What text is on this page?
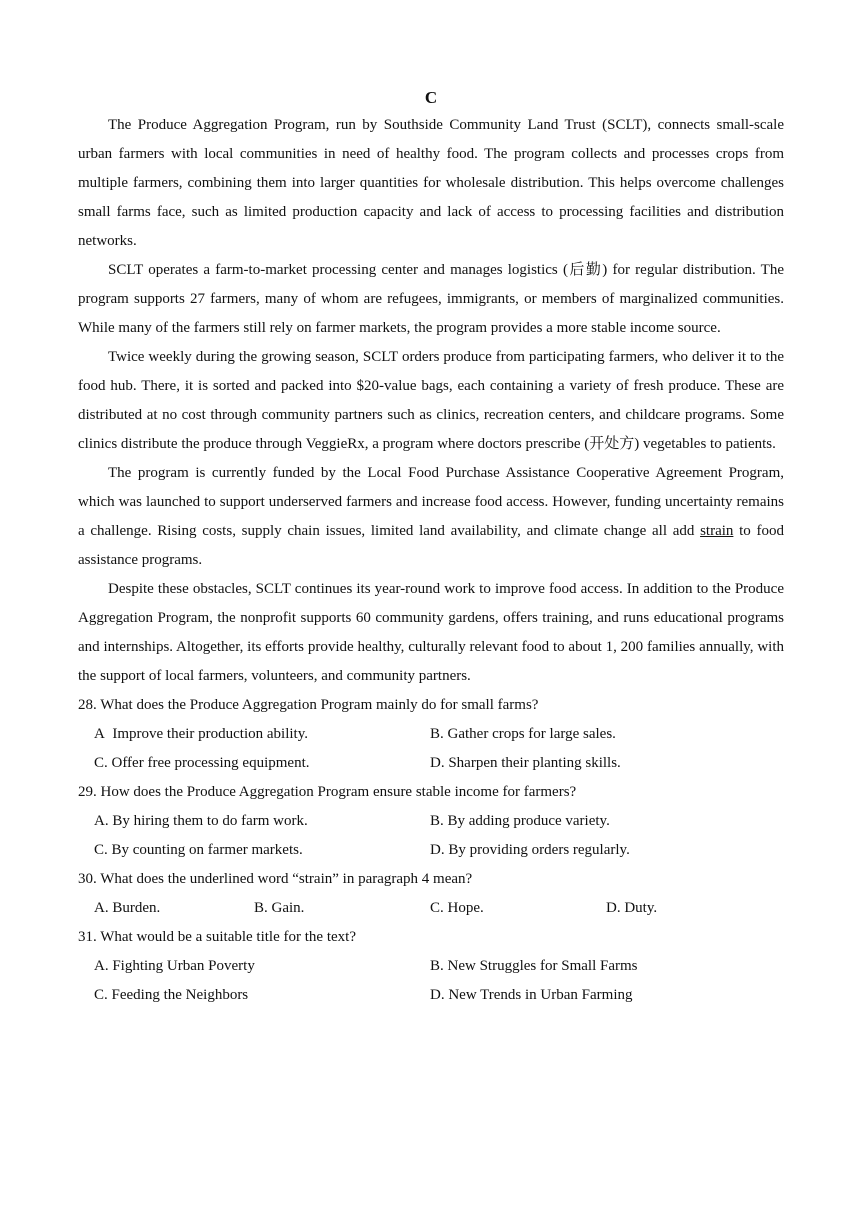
C

The Produce Aggregation Program, run by Southside Community Land Trust (SCLT), connects small-scale urban farmers with local communities in need of healthy food. The program collects and processes crops from multiple farmers, combining them into larger quantities for wholesale distribution. This helps overcome challenges small farms face, such as limited production capacity and lack of access to processing facilities and distribution networks.

SCLT operates a farm-to-market processing center and manages logistics (后勤) for regular distribution. The program supports 27 farmers, many of whom are refugees, immigrants, or members of marginalized communities. While many of the farmers still rely on farmer markets, the program provides a more stable income source.

Twice weekly during the growing season, SCLT orders produce from participating farmers, who deliver it to the food hub. There, it is sorted and packed into $20-value bags, each containing a variety of fresh produce. These are distributed at no cost through community partners such as clinics, recreation centers, and childcare programs. Some clinics distribute the produce through VeggieRx, a program where doctors prescribe (开处方) vegetables to patients.

The program is currently funded by the Local Food Purchase Assistance Cooperative Agreement Program, which was launched to support underserved farmers and increase food access. However, funding uncertainty remains a challenge. Rising costs, supply chain issues, limited land availability, and climate change all add strain to food assistance programs.

Despite these obstacles, SCLT continues its year-round work to improve food access. In addition to the Produce Aggregation Program, the nonprofit supports 60 community gardens, offers training, and runs educational programs and internships. Altogether, its efforts provide healthy, culturally relevant food to about 1, 200 families annually, with the support of local farmers, volunteers, and community partners.

28. What does the Produce Aggregation Program mainly do for small farms?

A  Improve their production ability.	B. Gather crops for large sales.
C. Offer free processing equipment.	D. Sharpen their planting skills.

29. How does the Produce Aggregation Program ensure stable income for farmers?

A. By hiring them to do farm work.	B. By adding produce variety.
C. By counting on farmer markets.	D. By providing orders regularly.

30. What does the underlined word “strain” in paragraph 4 mean?

A. Burden.	B. Gain.	C. Hope.	D. Duty.

31. What would be a suitable title for the text?

A. Fighting Urban Poverty	B. New Struggles for Small Farms
C. Feeding the Neighbors	D. New Trends in Urban Farming
